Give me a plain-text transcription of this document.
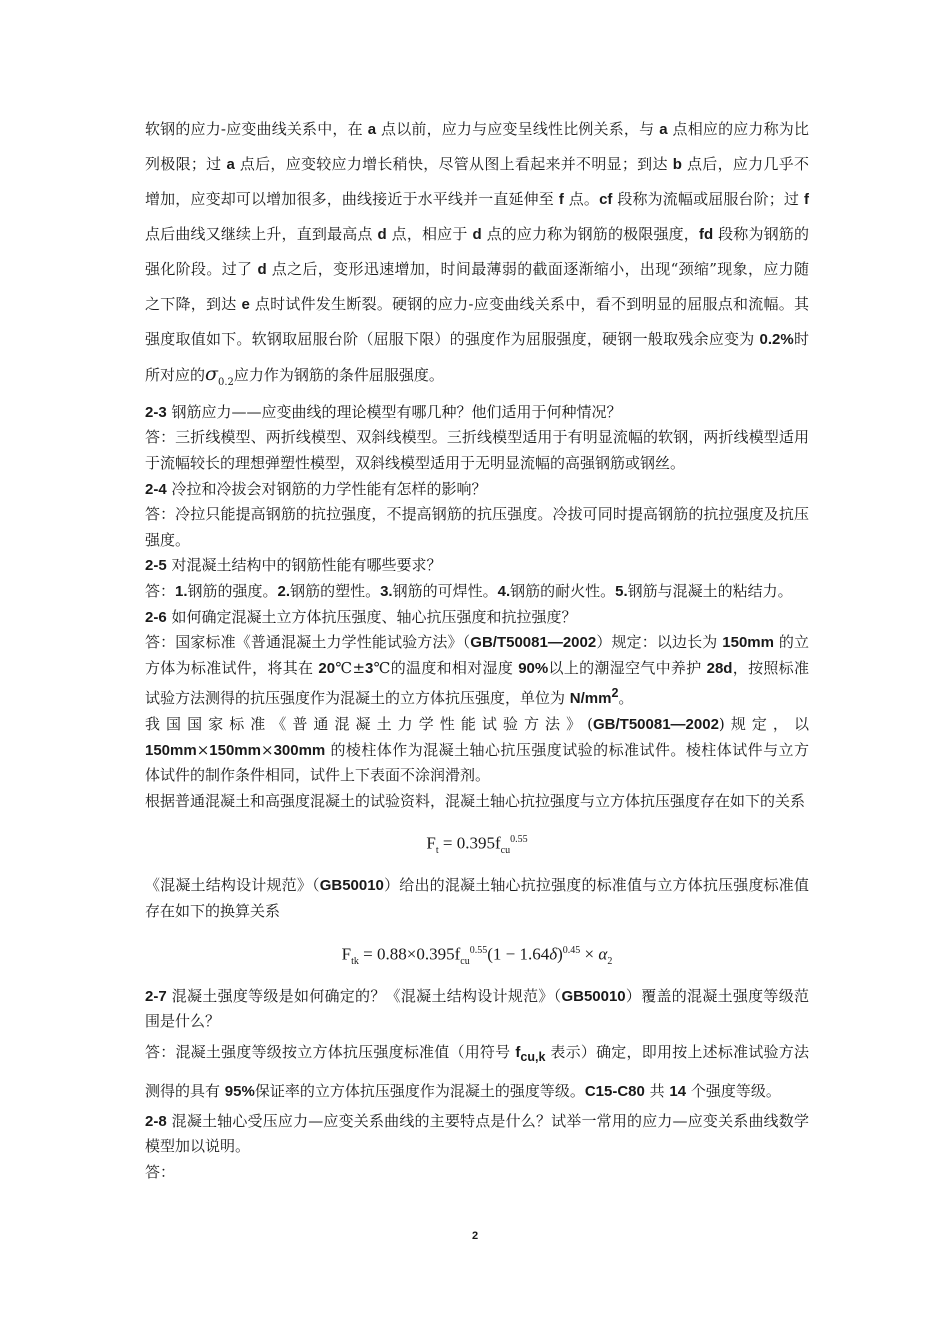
软钢的应力-应变曲线关系中，在 a 点以前，应力与应变呈线性比例关系，与 a 点相应的应力称为比列极限；过 a 点后，应变较应力增长稍快，尽管从图上看起来并不明显；到达 b 点后，应力几乎不增加，应变却可以增加很多，曲线接近于水平线并一直延伸至 f 点。cf 段称为流幅或屈服台阶；过 f 点后曲线又继续上升，直到最高点 d 点，相应于 d 点的应力称为钢筋的极限强度，fd 段称为钢筋的强化阶段。过了 d 点之后，变形迅速增加，时间最薄弱的截面逐渐缩小，出现“颈缩”现象，应力随之下降，到达 e 点时试件发生断裂。硬钢的应力-应变曲线关系中，看不到明显的屈服点和流幅。其强度取值如下。软钢取屈服台阶（屈服下限）的强度作为屈服强度，硬钢一般取残余应变为 0.2%时所对应的$\sigma_{0.2}$应力作为钢筋的条件屈服强度。

2-3 钢筋应力——应变曲线的理论模型有哪几种？他们适用于何种情况？

答：三折线模型、两折线模型、双斜线模型。三折线模型适用于有明显流幅的软钢，两折线模型适用于流幅较长的理想弹塑性模型，双斜线模型适用于无明显流幅的高强钢筋或钢丝。

2-4 冷拉和冷拔会对钢筋的力学性能有怎样的影响？

答：冷拉只能提高钢筋的抗拉强度，不提高钢筋的抗压强度。冷拔可同时提高钢筋的抗拉强度及抗压强度。

2-5 对混凝土结构中的钢筋性能有哪些要求？

答：1.钢筋的强度。2.钢筋的塑性。3.钢筋的可焊性。4.钢筋的耐火性。5.钢筋与混凝土的粘结力。

2-6 如何确定混凝土立方体抗压强度、轴心抗压强度和抗拉强度？

答：国家标准《普通混凝土力学性能试验方法》（GB/T50081—2002）规定：以边长为 150mm 的立方体为标准试件，将其在 20℃±3℃的温度和相对湿度 90%以上的潮湿空气中养护 28d，按照标准试验方法测得的抗压强度作为混凝土的立方体抗压强度，单位为 $N/mm^2$。

我国国家标准《普通混凝土力学性能试验方法》(GB/T50081—2002)规定，以 150mm×150mm×300mm 的棱柱体作为混凝土轴心抗压强度试验的标准试件。棱柱体试件与立方体试件的制作条件相同，试件上下表面不涂润滑剂。

根据普通混凝土和高强度混凝土的试验资料，混凝土轴心抗拉强度与立方体抗压强度存在如下的关系

$F_t = 0.395f_{cu}^{0.55}$

《混凝土结构设计规范》（GB50010）给出的混凝土轴心抗拉强度的标准值与立方体抗压强度标准值存在如下的换算关系

$F_{tk} = 0.88\times 0.395f_{cu}^{0.55}(1 - 1.64\delta)^{0.45} \times \alpha_2$

2-7 混凝土强度等级是如何确定的？《混凝土结构设计规范》（GB50010）覆盖的混凝土强度等级范围是什么？

答：混凝土强度等级按立方体抗压强度标准值（用符号 $f_{cu,k}$ 表示）确定，即用按上述标准试验方法测得的具有 95%保证率的立方体抗压强度作为混凝土的强度等级。C15-C80 共 14 个强度等级。

2-8 混凝土轴心受压应力—应变关系曲线的主要特点是什么？试举一常用的应力—应变关系曲线数学模型加以说明。

答：

2
